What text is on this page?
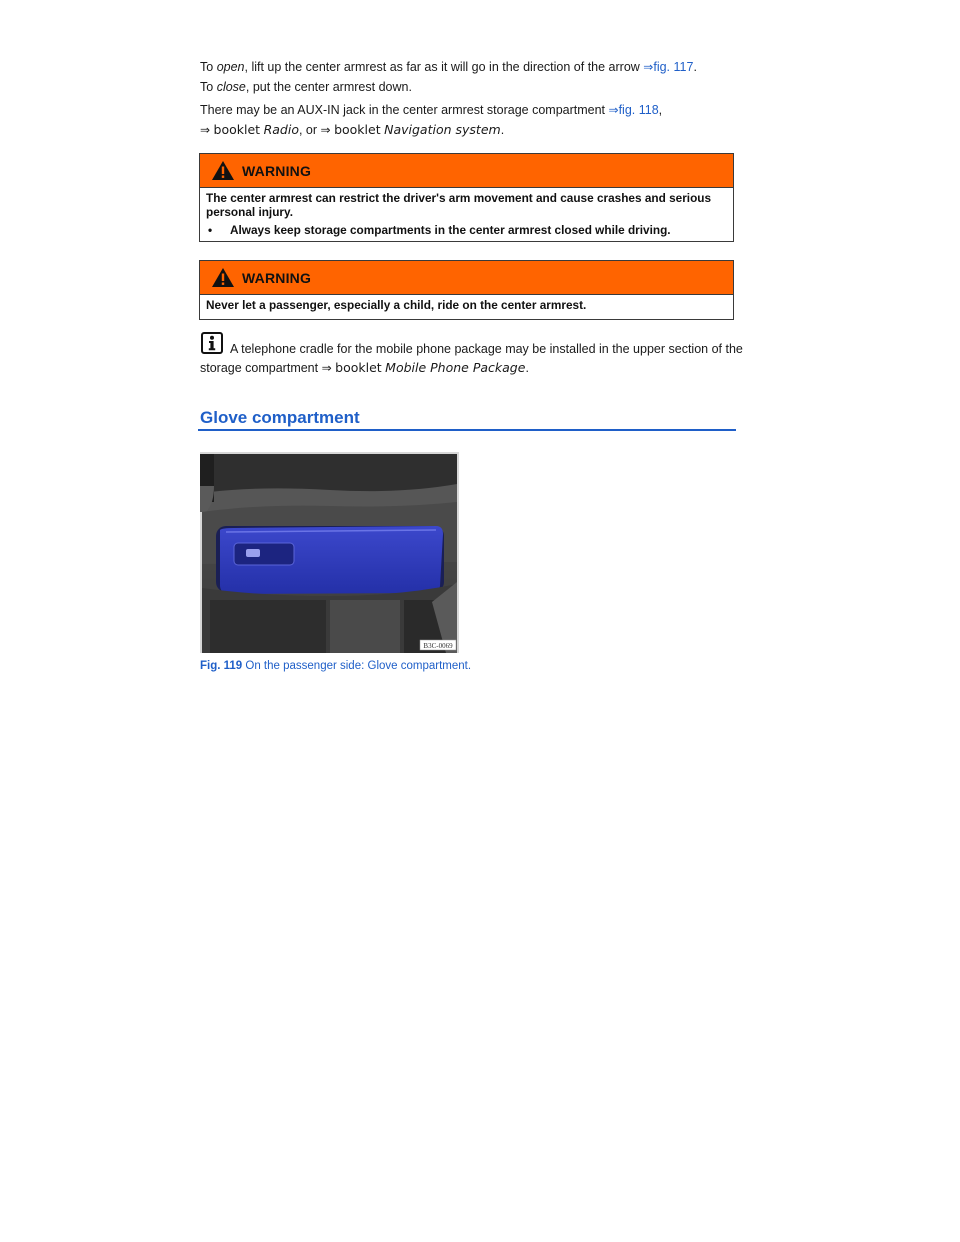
To open, lift up the center armrest as far as it will go in the direction of the arrow ⇒fig. 117.

To close, put the center armrest down.

There may be an AUX-IN jack in the center armrest storage compartment ⇒fig. 118,

⇒ booklet Radio, or ⇒ booklet Navigation system.

WARNING

The center armrest can restrict the driver's arm movement and cause crashes and serious personal injury.

•	Always keep storage compartments in the center armrest closed while driving.
WARNING

Never let a passenger, especially a child, ride on the center armrest.

A telephone cradle for the mobile phone package may be installed in the upper section of the

storage compartment ⇒ booklet Mobile Phone Package.

Glove compartment
B3C-0069

Fig. 119 On the passenger side: Glove compartment.
